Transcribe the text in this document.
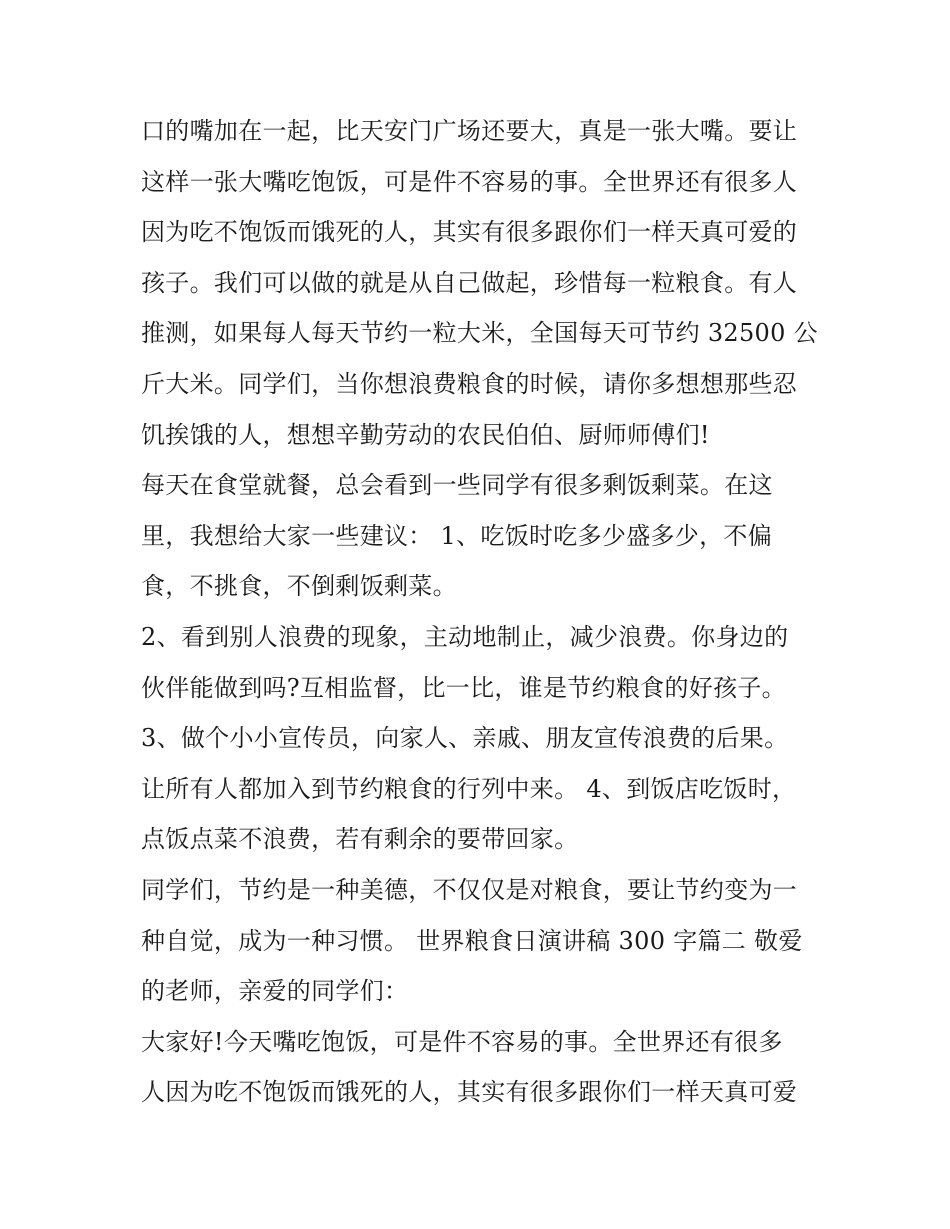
口的嘴加在一起，比天安门广场还要大，真是一张大嘴。要让
这样一张大嘴吃饱饭，可是件不容易的事。全世界还有很多人
因为吃不饱饭而饿死的人，其实有很多跟你们一样天真可爱的
孩子。我们可以做的就是从自己做起，珍惜每一粒粮食。有人
推测，如果每人每天节约一粒大米，全国每天可节约 32500 公
斤大米。同学们，当你想浪费粮食的时候，请你多想想那些忍
饥挨饿的人，想想辛勤劳动的农民伯伯、厨师师傅们!
每天在食堂就餐，总会看到一些同学有很多剩饭剩菜。在这
里，我想给大家一些建议： 1、吃饭时吃多少盛多少，不偏
食，不挑食，不倒剩饭剩菜。
2、看到别人浪费的现象，主动地制止，减少浪费。你身边的
伙伴能做到吗?互相监督，比一比，谁是节约粮食的好孩子。
3、做个小小宣传员，向家人、亲戚、朋友宣传浪费的后果。
让所有人都加入到节约粮食的行列中来。 4、到饭店吃饭时，
点饭点菜不浪费，若有剩余的要带回家。
同学们，节约是一种美德，不仅仅是对粮食，要让节约变为一
种自觉，成为一种习惯。 世界粮食日演讲稿 300 字篇二 敬爱
的老师，亲爱的同学们：
大家好!今天嘴吃饱饭，可是件不容易的事。全世界还有很多
人因为吃不饱饭而饿死的人，其实有很多跟你们一样天真可爱
